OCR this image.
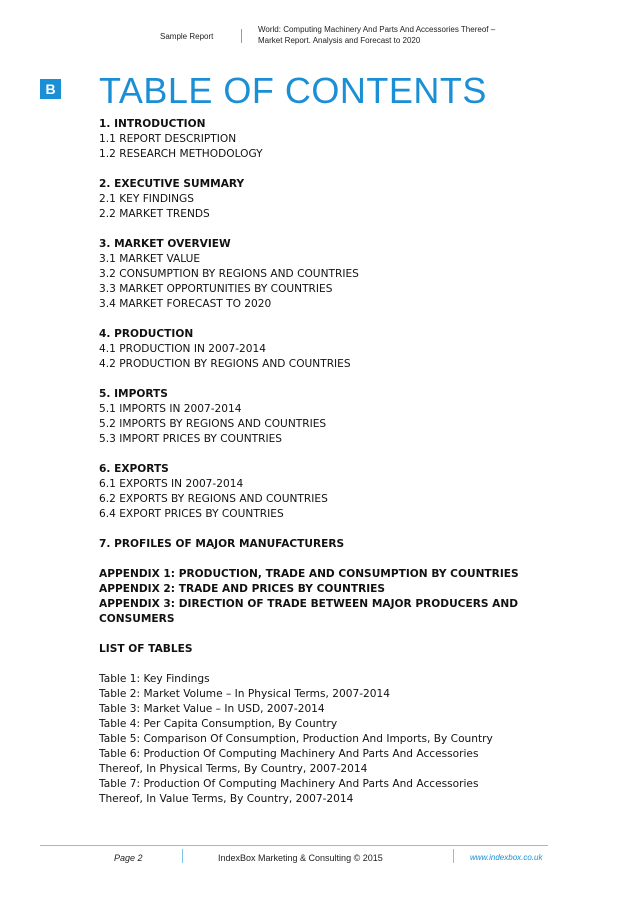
Sample Report
World: Computing Machinery And Parts And Accessories Thereof –
Market Report. Analysis and Forecast to 2020
B TABLE OF CONTENTS
1. INTRODUCTION
1.1 REPORT DESCRIPTION
1.2 RESEARCH METHODOLOGY
2. EXECUTIVE SUMMARY
2.1 KEY FINDINGS
2.2 MARKET TRENDS
3. MARKET OVERVIEW
3.1 MARKET VALUE
3.2 CONSUMPTION BY REGIONS AND COUNTRIES
3.3 MARKET OPPORTUNITIES BY COUNTRIES
3.4 MARKET FORECAST TO 2020
4. PRODUCTION
4.1 PRODUCTION IN 2007-2014
4.2 PRODUCTION BY REGIONS AND COUNTRIES
5. IMPORTS
5.1 IMPORTS IN 2007-2014
5.2 IMPORTS BY REGIONS AND COUNTRIES
5.3 IMPORT PRICES BY COUNTRIES
6. EXPORTS
6.1 EXPORTS IN 2007-2014
6.2 EXPORTS BY REGIONS AND COUNTRIES
6.4 EXPORT PRICES BY COUNTRIES
7. PROFILES OF MAJOR MANUFACTURERS
APPENDIX 1: PRODUCTION, TRADE AND CONSUMPTION BY COUNTRIES
APPENDIX 2: TRADE AND PRICES BY COUNTRIES
APPENDIX 3: DIRECTION OF TRADE BETWEEN MAJOR PRODUCERS AND
CONSUMERS
LIST OF TABLES
Table 1: Key Findings
Table 2: Market Volume – In Physical Terms, 2007-2014
Table 3: Market Value – In USD, 2007-2014
Table 4: Per Capita Consumption, By Country
Table 5: Comparison Of Consumption, Production And Imports, By Country
Table 6: Production Of Computing Machinery And Parts And Accessories
Thereof, In Physical Terms, By Country, 2007-2014
Table 7: Production Of Computing Machinery And Parts And Accessories
Thereof, In Value Terms, By Country, 2007-2014
Page 2	IndexBox Marketing & Consulting © 2015	www.indexbox.co.uk
